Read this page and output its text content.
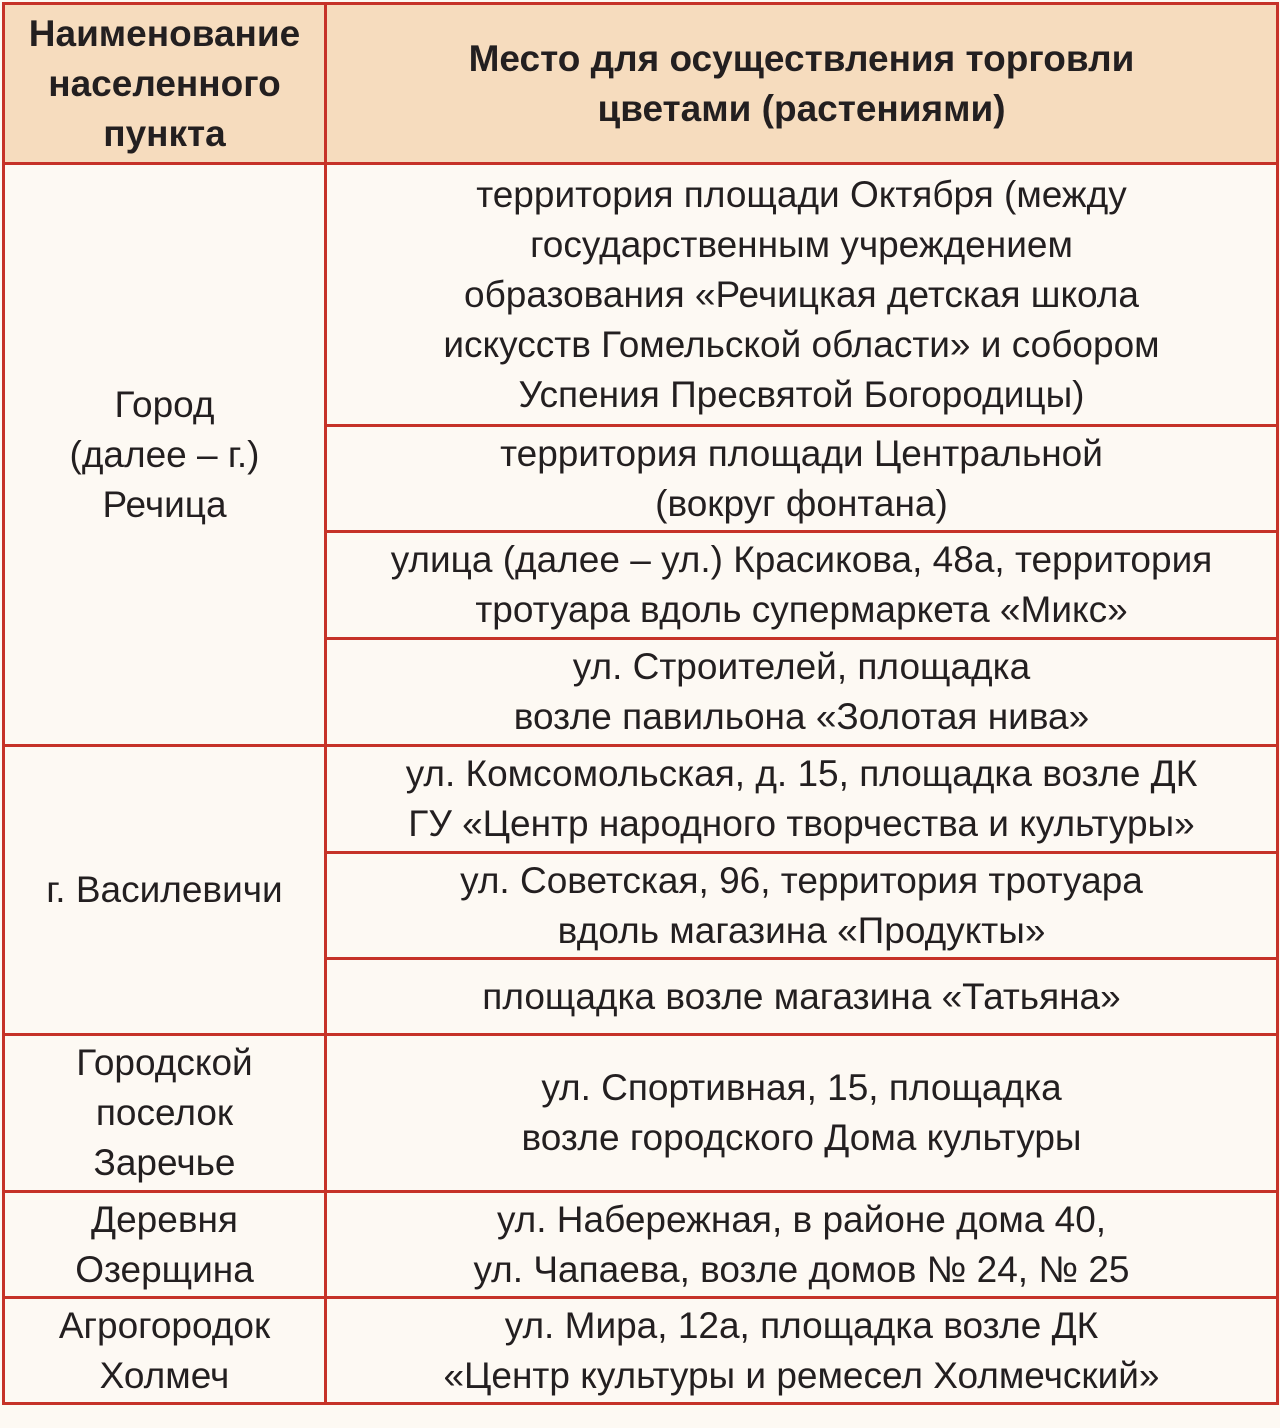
Наименование
населенного
пункта	Место для осуществления торговли
цветами (растениями)

Город
(далее – г.)
Речица	территория площади Октября (между
государственным учреждением
образования «Речицкая детская школа
искусств Гомельской области» и собором
Успения Пресвятой Богородицы)

	территория площади Центральной
(вокруг фонтана)

	улица (далее – ул.) Красикова, 48а, территория
тротуара вдоль супермаркета «Микс»

	ул. Строителей, площадка
возле павильона «Золотая нива»

г. Василевичи	ул. Комсомольская, д. 15, площадка возле ДК
ГУ «Центр народного творчества и культуры»

	ул. Советская, 96, территория тротуара
вдоль магазина «Продукты»

	площадка возле магазина «Татьяна»

Городской
поселок
Заречье	ул. Спортивная, 15, площадка
возле городского Дома культуры

Деревня
Озерщина	ул. Набережная, в районе дома 40,
ул. Чапаева, возле домов № 24, № 25

Агрогородок
Холмеч	ул. Мира, 12а, площадка возле ДК
«Центр культуры и ремесел Холмечский»
